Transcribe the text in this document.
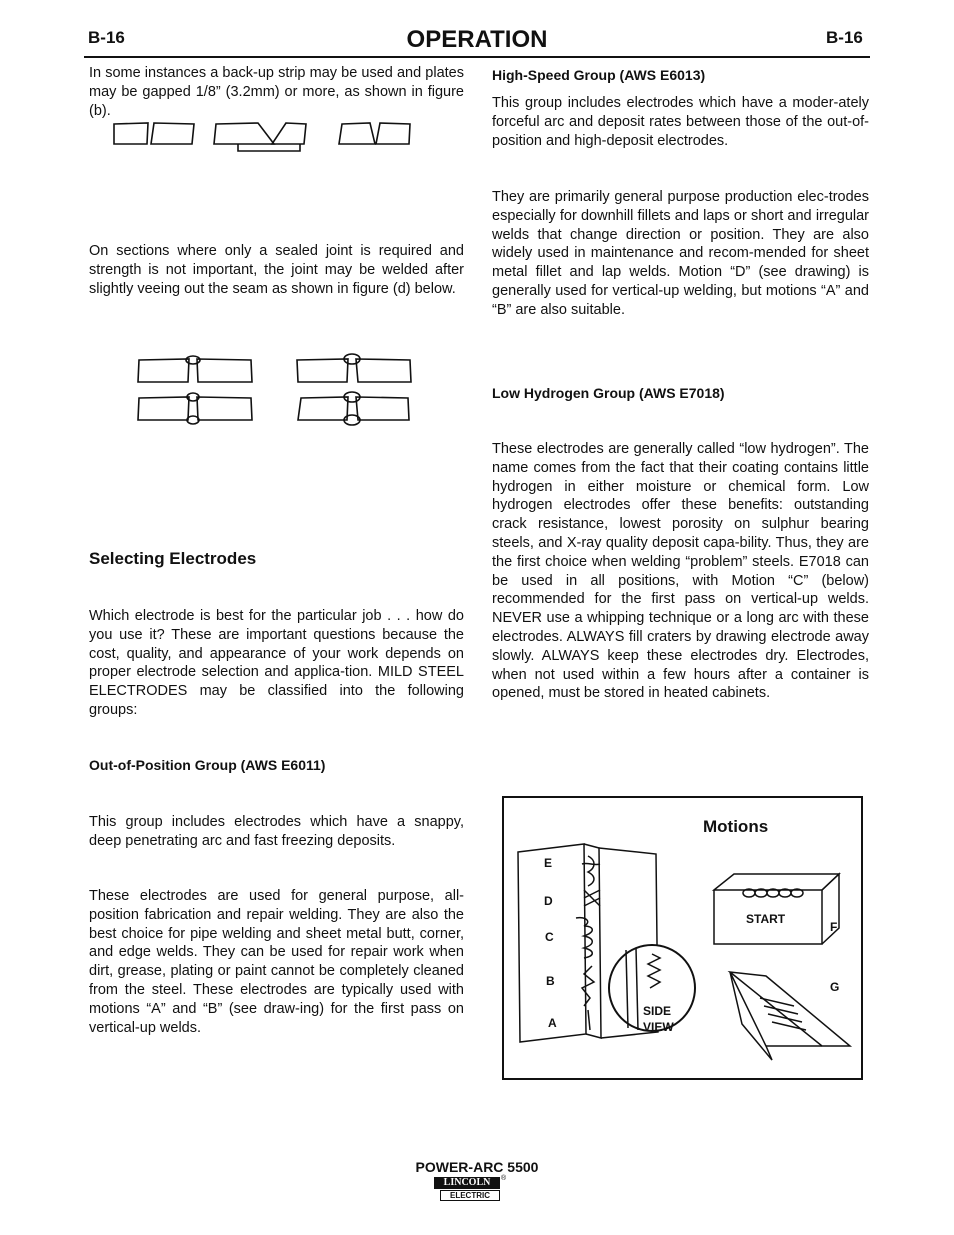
B-16	OPERATION	B-16

In some instances a back-up strip may be used and plates may be gapped 1/8” (3.2mm) or more, as shown in figure (b).

On sections where only a sealed joint is required and strength is not important, the joint may be welded after slightly veeing out the seam as shown in figure (d) below.

Selecting Electrodes

Which electrode is best for the particular job . . . how do you use it? These are important questions because the cost, quality, and appearance of your work depends on proper electrode selection and applica-tion. MILD STEEL ELECTRODES may be classified into the following groups:

Out-of-Position Group (AWS E6011)

This group includes electrodes which have a snappy, deep penetrating arc and fast freezing deposits.

These electrodes are used for general purpose, all-position fabrication and repair welding. They are also the best choice for pipe welding and sheet metal butt, corner, and edge welds. They can be used for repair work when dirt, grease, plating or paint cannot be completely cleaned from the steel. These electrodes are typically used with motions “A” and “B” (see draw-ing) for the first pass on vertical-up welds.

High-Speed Group (AWS E6013)

This group includes electrodes which have a moder-ately forceful arc and deposit rates between those of the out-of-position and high-deposit electrodes.

They are primarily general purpose production elec-trodes especially for downhill fillets and laps or short and irregular welds that change direction or position. They are also widely used in maintenance and recom-mended for sheet metal fillet and lap welds. Motion “D” (see drawing) is generally used for vertical-up welding, but motions “A” and “B” are also suitable.

Low Hydrogen Group (AWS E7018)

These electrodes are generally called “low hydrogen”. The name comes from the fact that their coating contains little hydrogen in either moisture or chemical form. Low hydrogen electrodes offer these benefits: outstanding crack resistance, lowest porosity on sulphur bearing steels, and X-ray quality deposit capa-bility. Thus, they are the first choice when welding “problem” steels. E7018 can be used in all positions, with Motion “C” (below) recommended for the first pass on vertical-up welds. NEVER use a whipping technique or a long arc with these electrodes. ALWAYS fill craters by drawing electrode away slowly. ALWAYS keep these electrodes dry. Electrodes, when not used within a few hours after a container is opened, must be stored in heated cabinets.

Motions
E
D
C
B
A
SIDE
VIEW
START
F
G
POWER-ARC 5500
LINCOLN	®
ELECTRIC
